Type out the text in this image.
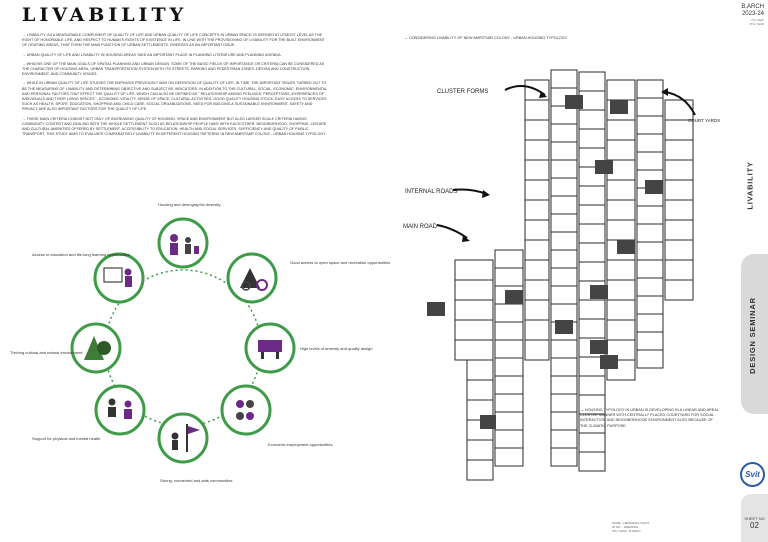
LIVABILITY

→ LIVABILITY, AS A MEASURABLE COMPONENT OF QUALITY OF LIFE AND URBAN QUALITY OF LIFE CONCEPTS IN URBAN SPACE, IS DEFINED AT UTMOST LEVEL AS THE RIGHT OF HONORABLE LIFE, AND RESPECT TO HUMAN'S RIGHTS OF EXISTENCE IN LIFE. IN LINE WITH THE PROVISIONING OF LIVABILITY FOR THE BUILT ENVIRONMENT OF HOUSING AREAS, THAT FORM THE MAIN FUNCTION OF URBAN SETTLEMENTS, EMERGES AS AN IMPORTANT ISSUE.

→ URBAN QUALITY OF LIFE AND LIVABILITY IN HOUSING AREAS TAKE AN IMPORTANT PLACE IN PLANNING LITERATURE AND PLANNING AGENDA.

→ WHICHIS ONE OF THE MAIN GOALS OF SPATIAL PLANNING AND URBAN DESIGN, SOME OF THE BASIC FIELDS OF IMPORTANCE OR CRITERIA CAN BE CONSIDERED AS THE CHARACTER OF HOUSING AREA, URBAN TRANSPORTATION SYSTEM WITH ITS STREETS, PARKING AND PEDESTRIAN ZONES, DESIGN AND CONSTRUCTION, ENVIRONMENT, AND COMMUNITY ISSUES.

→ WHILE IN URBAN QUALITY OF LIFE STUDIES THE EMPHASIS PREVIOUSLY WAS ON DEFINITION OF QUALITY OF LIFE, IN TIME, THE IMPORTANT ISSUES TURNED OUT TO BE THE MEASURING OF LIVABILITY AND DETERMINING OBJECTIVE AND SUBJECTIVE INDICATORS. IN ADDITION TO THE CULTURAL, SOCIAL, ECONOMIC, ENVIRONMENTAL AND PERSONAL FACTORS THAT EFFECT THE QUALITY OF LIFE, WHICH CAN ALSO BE DEFINED AS " RELATIONSHIP AMONG FEELINGS, PERCEPTIONS, EXPERIENCES OF INDIVIDUALS AND THEIR LIVING SPACES ", ECONOMIC VITALITY, SENSE OF SPACE, CULTURAL ACTIVITIES, GOOD QUALITY HOUSING STOCK, EASY ACCESS TO SERVICES SUCH AS HEALTH, SPORT, EDUCATION, SHOPPING AND CHILD CARE, SOCIAL ORGANIZATIONS, NEED FOR BUILDING A SUSTAINABLE ENVIRONMENT, SAFETY AND PRIVACY ARE ALSO IMPORTANT FACTORS FOR THE QUALITY OF LIFE.

→ THESE MAIN CRITERIA CONSIST NOT ONLY OF INCREASING QUALITY OF HOUSING, SPACE AND ENVIRONMENT BUT ALSO LARGER SCALE CRITERIA HAVING COMMUNITY CONTENT AND DEALING WITH THE WHOLE SETTLEMENT SUCH AS RELATIONSHIP PEOPLE HAVE WITH EACH OTHER, NEIGHBORHOOD, SHOPPING, LEISURE AND CULTURAL AMENITIES OFFERED BY SETTLEMENT, ACCESSIBILITY TO EDUCATION, HEALTH AND SOCIAL SERVICES, SUFFICIENCY AND QUALITY OF PUBLIC TRANSPORT. THIS STUDY AIMS TO EVALUATE COMPARATIVELY LIVABILITY IN DIFFERENT HOUSING PATTERNS IN NEW AMRITSAR COLONY - URBAN HOUSING TYPOLOGY.

Housing and demographic diversity
Good access to open space and recreation opportunities
High levels of amenity and quality design
Economic employment opportunities
Strong, connected and safe communities
Support for physical and mental health
Thriving cultural and natural environment
Access to education and life-long learning opportunities
→ CONSIDERING LIVABILITY OF NEW AMRITSAR COLONY - URBAN HOUSING TYPOLOGY
CLUSTER FORMS
COURT YARDS
INTERNAL ROADS
MAIN ROAD
→ HOUSING TYPOLOGY IN URBAN IS DEVELOPING IN A LINEAR AND AREAL CLUSTER MANNER WITH CENTRALLY PLACED COURTYARD FOR SOCIAL INTERACTION AND NEIGHBORHOOD ENVIRONMENT ALSO BECAUSE OF THE CLIMATIC PURPOSE.
NAME - HEMANSHU KANT
ID NO. - 20BAR001
4TH YEAR , B.ARCH
B.ARCH
2023-24
7TH SEM
4TH YEAR
LIVABILITY
DESIGN SEMINAR
Svit
SHEET NO
02
